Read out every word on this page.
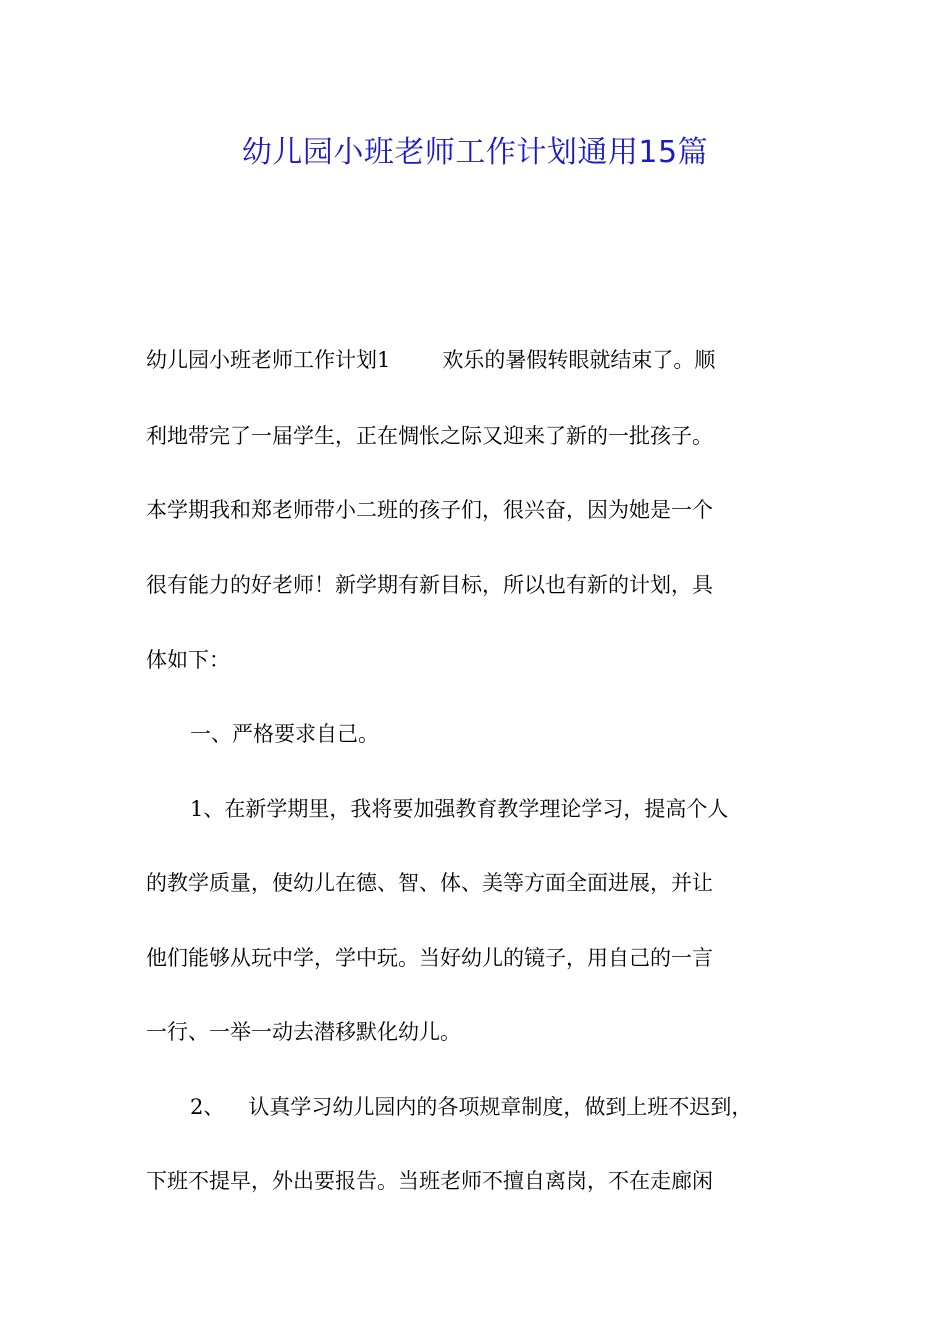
幼儿园小班老师工作计划通用15篇
幼儿园小班老师工作计划1 欢乐的暑假转眼就结束了。顺
利地带完了一届学生，正在惆怅之际又迎来了新的一批孩子。
本学期我和郑老师带小二班的孩子们，很兴奋，因为她是一个
很有能力的好老师！新学期有新目标，所以也有新的计划，具
体如下：
一、严格要求自己。
1、在新学期里，我将要加强教育教学理论学习，提高个人
的教学质量，使幼儿在德、智、体、美等方面全面进展，并让
他们能够从玩中学，学中玩。当好幼儿的镜子，用自己的一言
一行、一举一动去潜移默化幼儿。
2、 认真学习幼儿园内的各项规章制度，做到上班不迟到，
下班不提早，外出要报告。当班老师不擅自离岗，不在走廊闲
